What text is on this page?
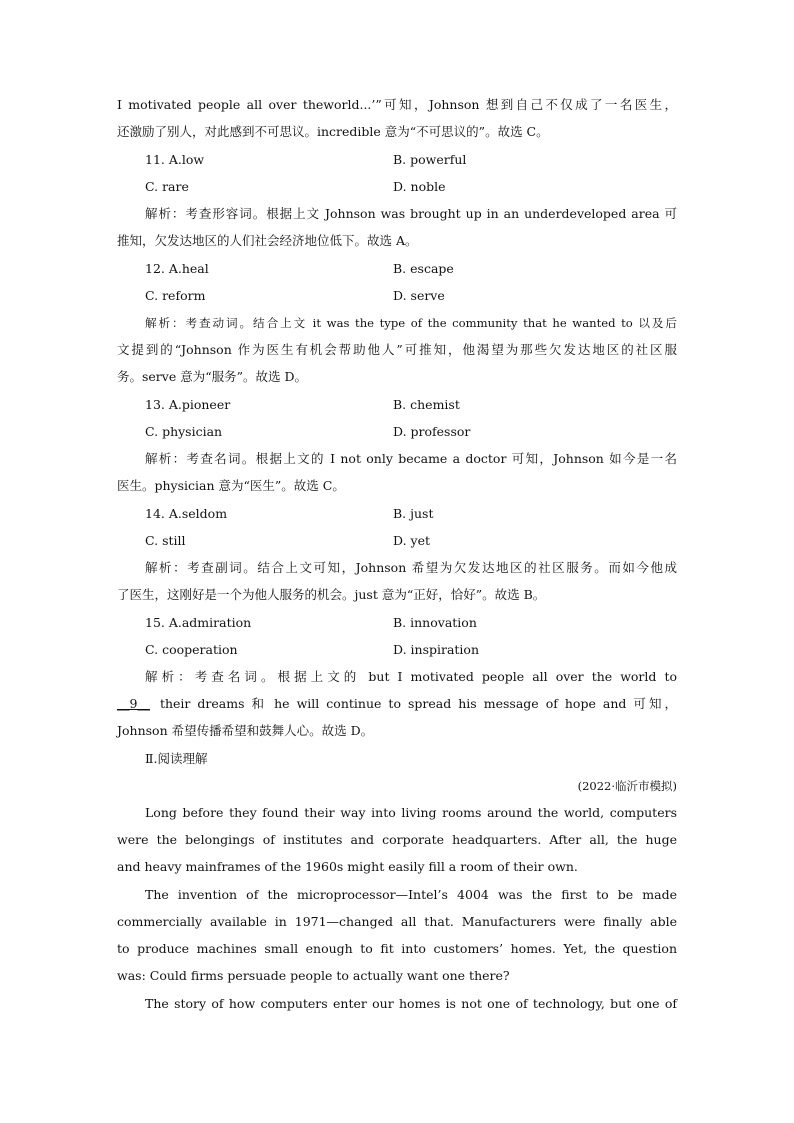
I motivated people all over theworld...’”可知，Johnson 想到自己不仅成了一名医生，
还激励了别人，对此感到不可思议。incredible 意为“不可思议的”。故选 C。
11. A.low	B. powerful
C. rare	D. noble
解析：考查形容词。根据上文 Johnson was brought up in an underdeveloped area 可
推知，欠发达地区的人们社会经济地位低下。故选 A。
12. A.heal	B. escape
C. reform	D. serve
解析：考查动词。结合上文 it was the type of the community that he wanted to 以及后
文提到的“Johnson 作为医生有机会帮助他人”可推知，他渴望为那些欠发达地区的社区服
务。serve 意为“服务”。故选 D。
13. A.pioneer	B. chemist
C. physician	D. professor
解析：考查名词。根据上文的 I not only became a doctor 可知，Johnson 如今是一名
医生。physician 意为“医生”。故选 C。
14. A.seldom	B. just
C. still	D. yet
解析：考查副词。结合上文可知，Johnson 希望为欠发达地区的社区服务。而如今他成
了医生，这刚好是一个为他人服务的机会。just 意为“正好，恰好”。故选 B。
15. A.admiration	B. innovation
C. cooperation	D. inspiration
解析：考查名词。根据上文的 but I motivated people all over the world to
__9__ their dreams 和 he will continue to spread his message of hope and 可知，
Johnson 希望传播希望和鼓舞人心。故选 D。
Ⅱ.阅读理解
(2022·临沂市模拟)
Long before they found their way into living rooms around the world, computers
were the belongings of institutes and corporate headquarters. After all, the huge
and heavy mainframes of the 1960s might easily fill a room of their own.
The invention of the microprocessor—Intel’s 4004 was the first to be made
commercially available in 1971—changed all that. Manufacturers were finally able
to produce machines small enough to fit into customers’ homes. Yet, the question
was: Could firms persuade people to actually want one there?
The story of how computers enter our homes is not one of technology, but one of
